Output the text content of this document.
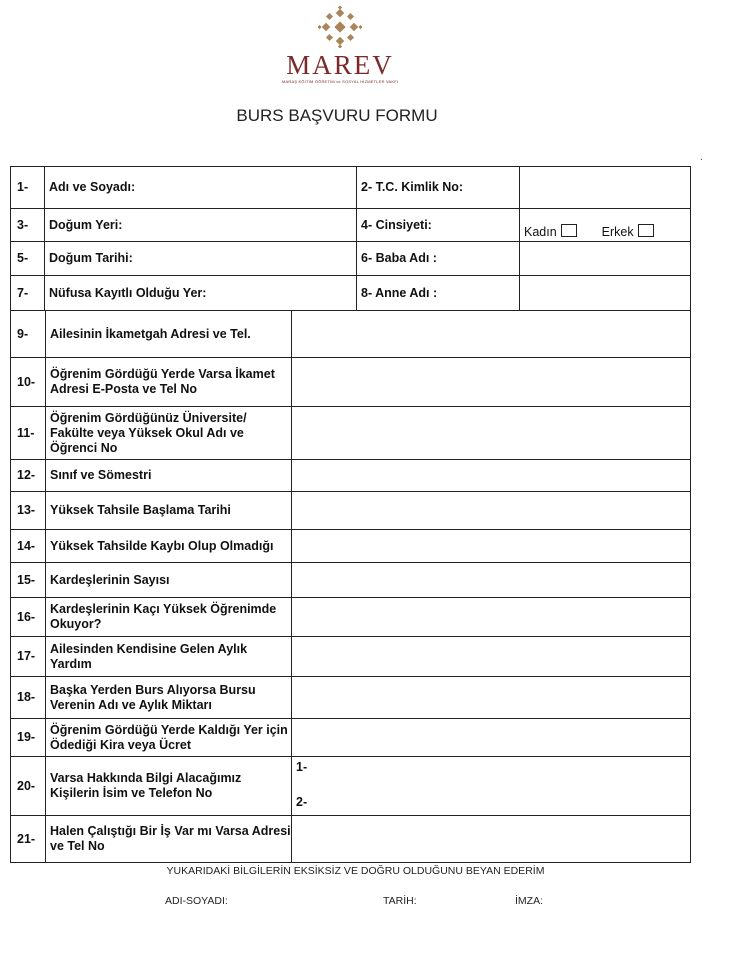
MAREV
MARAŞ EĞİTİM ÖĞRETİM ve SOSYAL HİZMETLER VAKFI
BURS BAŞVURU FORMU
.
1-	Adı ve Soyadı:	2- T.C. Kimlik No:	
3-	Doğum Yeri:	4- Cinsiyeti:	Kadın Erkek
5-	Doğum Tarihi:	6- Baba Adı :	
7-	Nüfusa Kayıtlı Olduğu Yer:	8- Anne Adı :	
9-	Ailesinin İkametgah Adresi ve Tel.	
10-	Öğrenim Gördüğü Yerde Varsa İkamet Adresi E-Posta ve Tel No	
11-	Öğrenim Gördüğünüz Üniversite/ Fakülte veya Yüksek Okul Adı ve Öğrenci No	
12-	Sınıf ve Sömestri	
13-	Yüksek Tahsile Başlama Tarihi	
14-	Yüksek Tahsilde Kaybı Olup Olmadığı	
15-	Kardeşlerinin Sayısı	
16-	Kardeşlerinin Kaçı Yüksek Öğrenimde Okuyor?	
17-	Ailesinden Kendisine Gelen Aylık Yardım	
18-	Başka Yerden Burs Alıyorsa Bursu Verenin Adı ve Aylık Miktarı	
19-	Öğrenim Gördüğü Yerde Kaldığı Yer için Ödediği Kira veya Ücret	
20-	Varsa Hakkında Bilgi Alacağımız Kişilerin İsim ve Telefon No	1-
2-

21-	Halen Çalıştığı Bir İş Var mı Varsa Adresi ve Tel No	
YUKARIDAKİ BİLGİLERİN EKSİKSİZ VE DOĞRU OLDUĞUNU BEYAN EDERİM
ADI-SOYADI:	TARİH:	İMZA:
